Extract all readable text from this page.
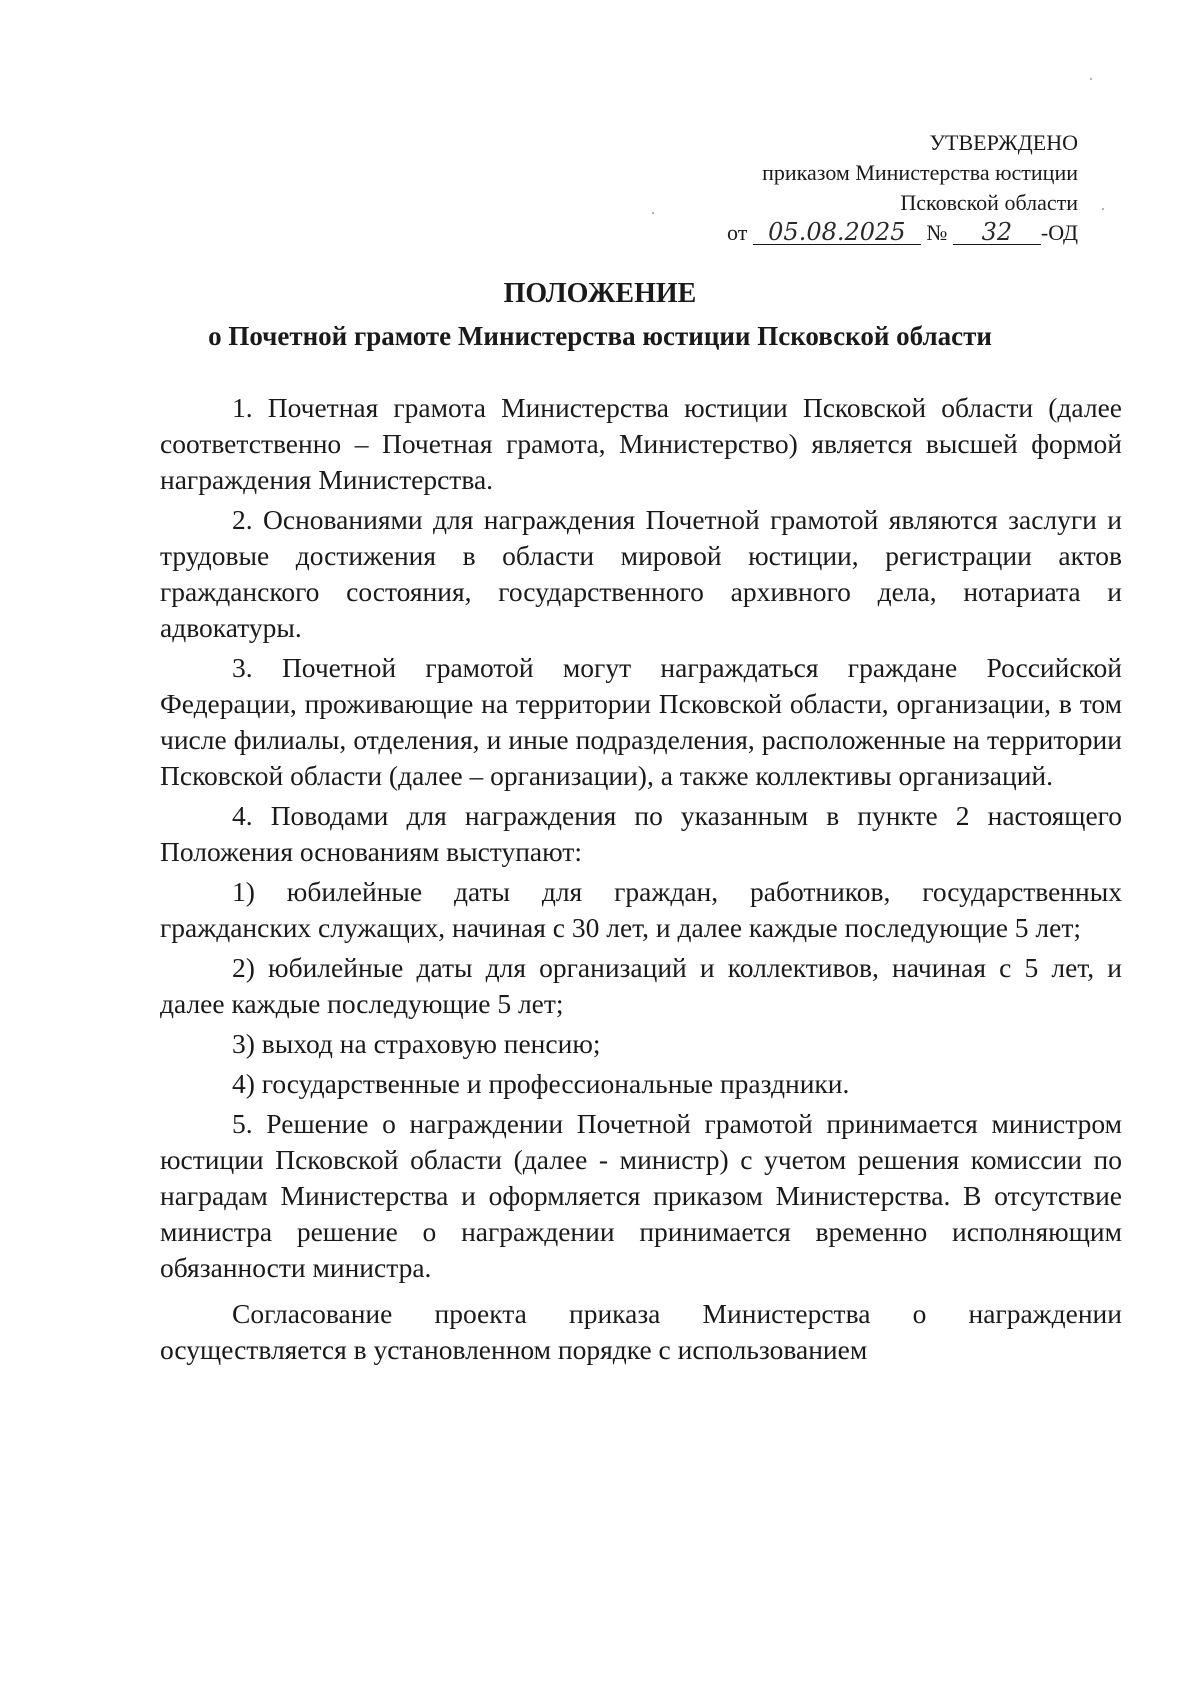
УТВЕРЖДЕНО
приказом Министерства юстиции
Псковской области
от 05.08.2025 № 32 -ОД
ПОЛОЖЕНИЕ
о Почетной грамоте Министерства юстиции Псковской области

1. Почетная грамота Министерства юстиции Псковской области (далее соответственно – Почетная грамота, Министерство) является высшей формой награждения Министерства.

2. Основаниями для награждения Почетной грамотой являются заслуги и трудовые достижения в области мировой юстиции, регистрации актов гражданского состояния, государственного архивного дела, нотариата и адвокатуры.

3. Почетной грамотой могут награждаться граждане Российской Федерации, проживающие на территории Псковской области, организации, в том числе филиалы, отделения, и иные подразделения, расположенные на территории Псковской области (далее – организации), а также коллективы организаций.

4. Поводами для награждения по указанным в пункте 2 настоящего Положения основаниям выступают:

1) юбилейные даты для граждан, работников, государственных гражданских служащих, начиная с 30 лет, и далее каждые последующие 5 лет;

2) юбилейные даты для организаций и коллективов, начиная с 5 лет, и далее каждые последующие 5 лет;

3) выход на страховую пенсию;

4) государственные и профессиональные праздники.

5. Решение о награждении Почетной грамотой принимается министром юстиции Псковской области (далее - министр) с учетом решения комиссии по наградам Министерства и оформляется приказом Министерства. В отсутствие министра решение о награждении принимается временно исполняющим обязанности министра.

Согласование проекта приказа Министерства о награждении осуществляется в установленном порядке с использованием
